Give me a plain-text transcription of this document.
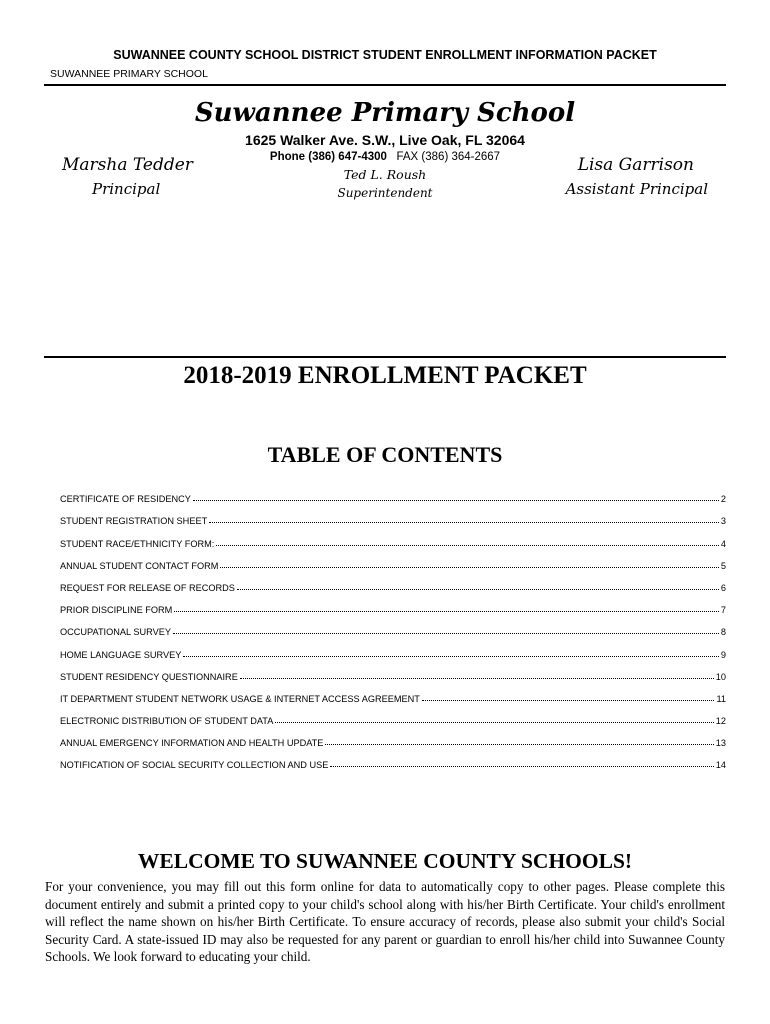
SUWANNEE COUNTY SCHOOL DISTRICT STUDENT ENROLLMENT INFORMATION PACKET
SUWANNEE PRIMARY SCHOOL
Suwannee Primary School
1625 Walker Ave. S.W., Live Oak, FL 32064
Phone (386) 647-4300 FAX (386) 364-2667
Ted L. Roush
Superintendent
Marsha Tedder
Principal
Lisa Garrison
Assistant Principal
2018-2019 ENROLLMENT PACKET
TABLE OF CONTENTS
CERTIFICATE OF RESIDENCY	2
STUDENT REGISTRATION SHEET	3
STUDENT RACE/ETHNICITY FORM:	4
ANNUAL STUDENT CONTACT FORM	5
REQUEST FOR RELEASE OF RECORDS	6
PRIOR DISCIPLINE FORM	7
OCCUPATIONAL SURVEY	8
HOME LANGUAGE SURVEY	9
STUDENT RESIDENCY QUESTIONNAIRE	10
IT DEPARTMENT STUDENT NETWORK USAGE & INTERNET ACCESS AGREEMENT	11
ELECTRONIC DISTRIBUTION OF STUDENT DATA	12
ANNUAL EMERGENCY INFORMATION AND HEALTH UPDATE	13
NOTIFICATION OF SOCIAL SECURITY COLLECTION AND USE	14
WELCOME TO SUWANNEE COUNTY SCHOOLS!

For your convenience, you may fill out this form online for data to automatically copy to other pages. Please complete this document entirely and submit a printed copy to your child's school along with his/her Birth Certificate. Your child's enrollment will reflect the name shown on his/her Birth Certificate. To ensure accuracy of records, please also submit your child's Social Security Card. A state-issued ID may also be requested for any parent or guardian to enroll his/her child into Suwannee County Schools. We look forward to educating your child.
